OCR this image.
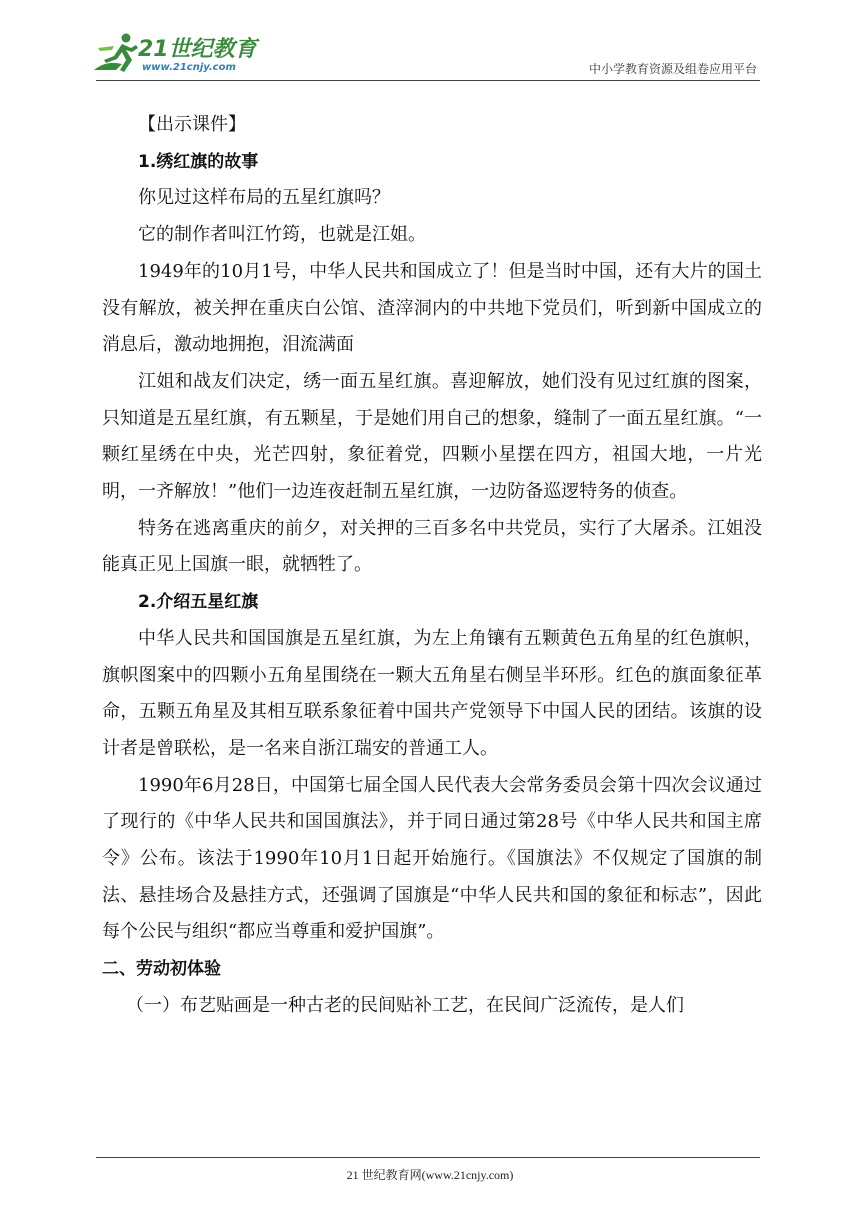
21世纪教育
www.21cnjy.com	中小学教育资源及组卷应用平台

【出示课件】

1.绣红旗的故事

你见过这样布局的五星红旗吗？

它的制作者叫江竹筠，也就是江姐。

1949年的10月1号，中华人民共和国成立了！但是当时中国，还有大片的国土没有解放，被关押在重庆白公馆、渣滓洞内的中共地下党员们，听到新中国成立的消息后，激动地拥抱，泪流满面

江姐和战友们决定，绣一面五星红旗。喜迎解放，她们没有见过红旗的图案，只知道是五星红旗，有五颗星，于是她们用自己的想象，缝制了一面五星红旗。“一颗红星绣在中央，光芒四射，象征着党，四颗小星摆在四方，祖国大地，一片光明，一齐解放！”他们一边连夜赶制五星红旗，一边防备巡逻特务的侦查。

特务在逃离重庆的前夕，对关押的三百多名中共党员，实行了大屠杀。江姐没能真正见上国旗一眼，就牺牲了。

2.介绍五星红旗

中华人民共和国国旗是五星红旗，为左上角镶有五颗黄色五角星的红色旗帜，旗帜图案中的四颗小五角星围绕在一颗大五角星右侧呈半环形。红色的旗面象征革命，五颗五角星及其相互联系象征着中国共产党领导下中国人民的团结。该旗的设计者是曾联松，是一名来自浙江瑞安的普通工人。

1990年6月28日，中国第七届全国人民代表大会常务委员会第十四次会议通过了现行的《中华人民共和国国旗法》，并于同日通过第28号《中华人民共和国主席令》公布。该法于1990年10月1日起开始施行。《国旗法》不仅规定了国旗的制法、悬挂场合及悬挂方式，还强调了国旗是“中华人民共和国的象征和标志”，因此每个公民与组织“都应当尊重和爱护国旗”。

二、劳动初体验

（一）布艺贴画是一种古老的民间贴补工艺，在民间广泛流传，是人们

21 世纪教育网(www.21cnjy.com)
